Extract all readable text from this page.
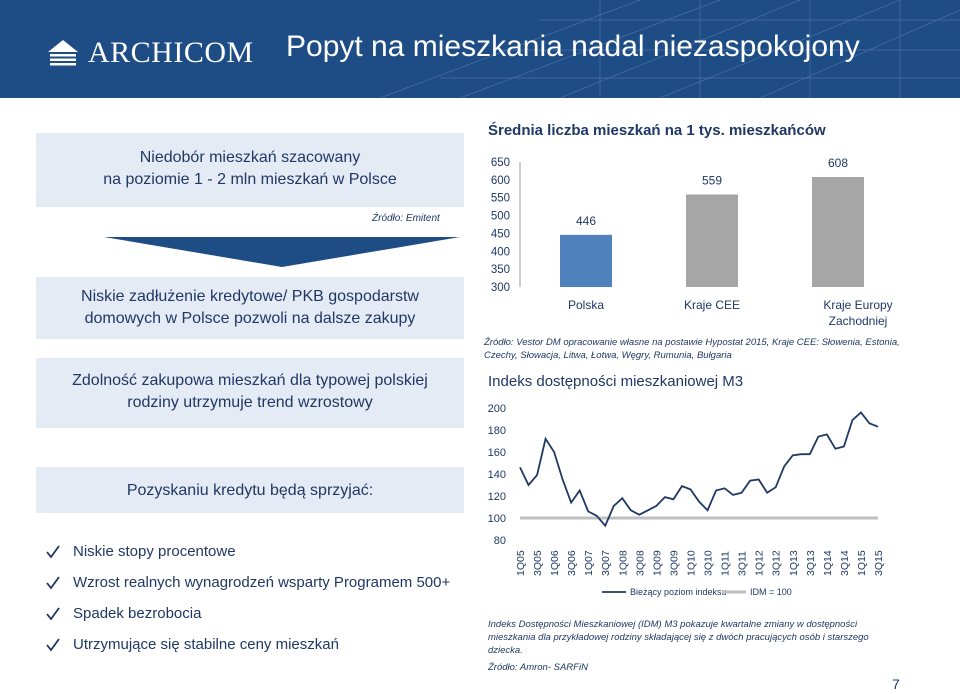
ARCHICOM Popyt na mieszkania nadal niezaspokojony
Niedobór mieszkań szacowany
na poziomie 1 - 2 mln mieszkań w Polsce
Źródło: Emitent
Niskie zadłużenie kredytowe/ PKB gospodarstw
domowych w Polsce pozwoli na dalsze zakupy
Zdolność zakupowa mieszkań dla typowej polskiej
rodziny utrzymuje trend wzrostowy
Pozyskaniu kredytu będą sprzyjać:
Niskie stopy procentowe
Wzrost realnych wynagrodzeń wsparty Programem 500+
Spadek bezrobocia
Utrzymujące się stabilne ceny mieszkań
Średnia liczba mieszkań na 1 tys. mieszkańców
650
600
550
500
450
400
350
300
446
Polska
559
Kraje CEE
608
Kraje Europy
Zachodniej
Źródło: Vestor DM opracowanie własne na postawie Hypostat 2015, Kraje CEE: Słowenia, Estonia, Czechy, Słowacja, Litwa, Łotwa, Węgry, Rumunia, Bułgaria
Indeks dostępności mieszkaniowej M3
200
180
160
140
120
100
80
1Q05 3Q05 1Q06 3Q06 1Q07 3Q07 1Q08 3Q08 1Q09 3Q09 1Q10 3Q10 1Q11 3Q11 1Q12 3Q12 1Q13 3Q13 1Q14 3Q14 1Q15 3Q15
Bieżący poziom indeksu	IDM = 100
Indeks Dostępności Mieszkaniowej (IDM) M3 pokazuje kwartalne zmiany w dostępności mieszkania dla przykładowej rodziny składającej się z dwóch pracujących osób i starszego dziecka.
Źródło: Amron- SARFiN
7
